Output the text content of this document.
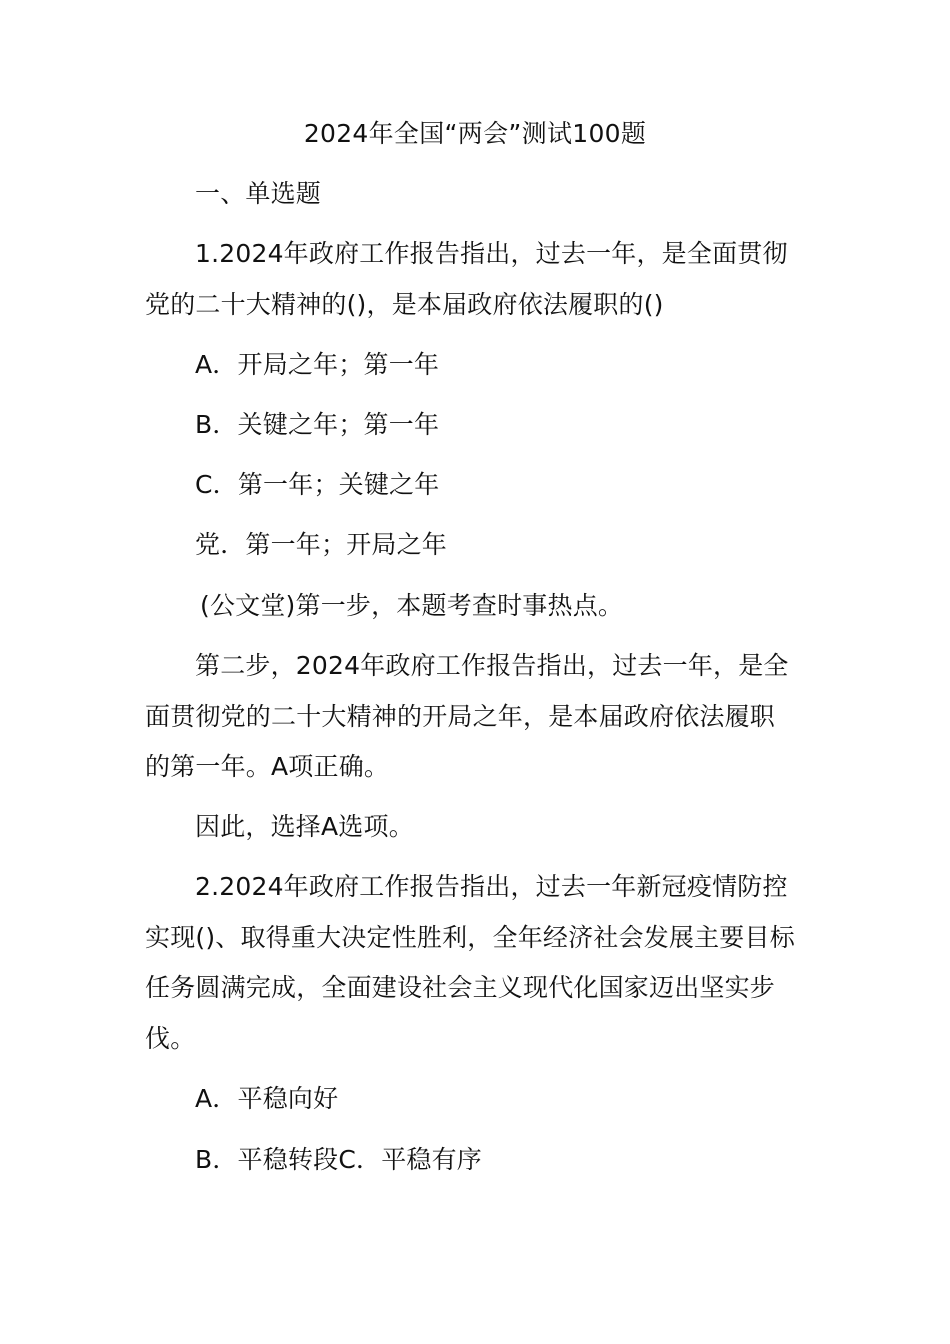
2024年全国“两会”测试100题
一、单选题
1.2024年政府工作报告指出，过去一年，是全面贯彻
党的二十大精神的()，是本届政府依法履职的()
A．开局之年；第一年
B．关键之年；第一年
C．第一年；关键之年
党．第一年；开局之年
(公文堂)第一步，本题考查时事热点。
第二步，2024年政府工作报告指出，过去一年，是全
面贯彻党的二十大精神的开局之年，是本届政府依法履职
的第一年。A项正确。
因此，选择A选项。
2.2024年政府工作报告指出，过去一年新冠疫情防控
实现()、取得重大决定性胜利，全年经济社会发展主要目标
任务圆满完成，全面建设社会主义现代化国家迈出坚实步
伐。
A．平稳向好
B．平稳转段C．平稳有序
